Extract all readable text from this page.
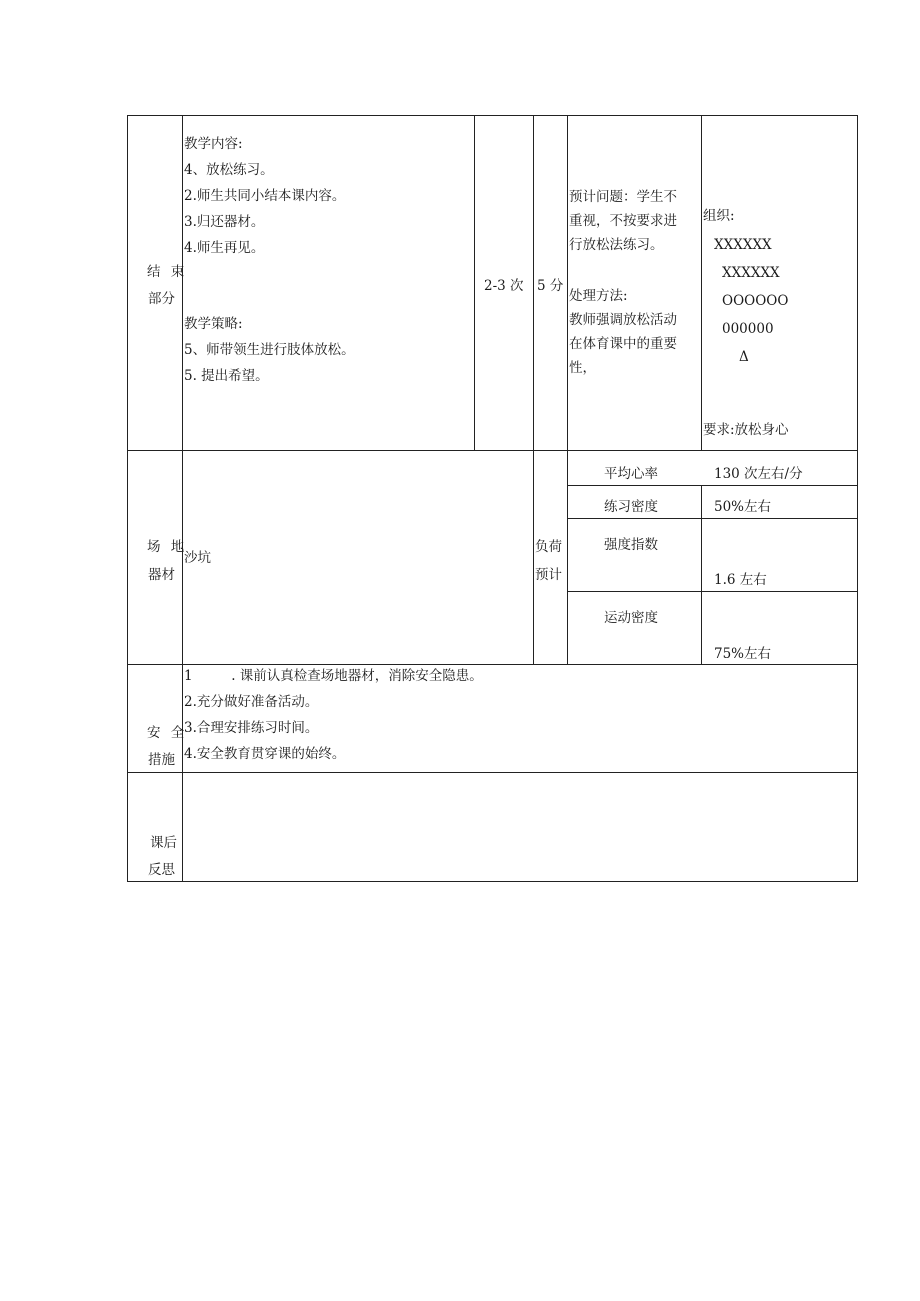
结 束
部分
教学内容:
4、放松练习。
2.师生共同小结本课内容。
3.归还器材。
4.师生再见。
教学策略:
5、师带领生进行肢体放松。
5. 提出希望。
2-3 次 5 分
预计问题：学生不
重视，不按要求进
行放松法练习。
处理方法:
教师强调放松活动
在体育课中的重要
性，
组织:
XXXXXX
XXXXXX
OOOOOO
000000
Δ
要求:放松身心
场 地
器材
沙坑
负荷
预计
平均心率	130 次左右/分
练习密度	50%左右
强度指数
1.6 左右
运动密度
75%左右
安 全
措施
1         . 课前认真检查场地器材，消除安全隐患。
2.充分做好准备活动。
3.合理安排练习时间。
4.安全教育贯穿课的始终。
课后
反思
